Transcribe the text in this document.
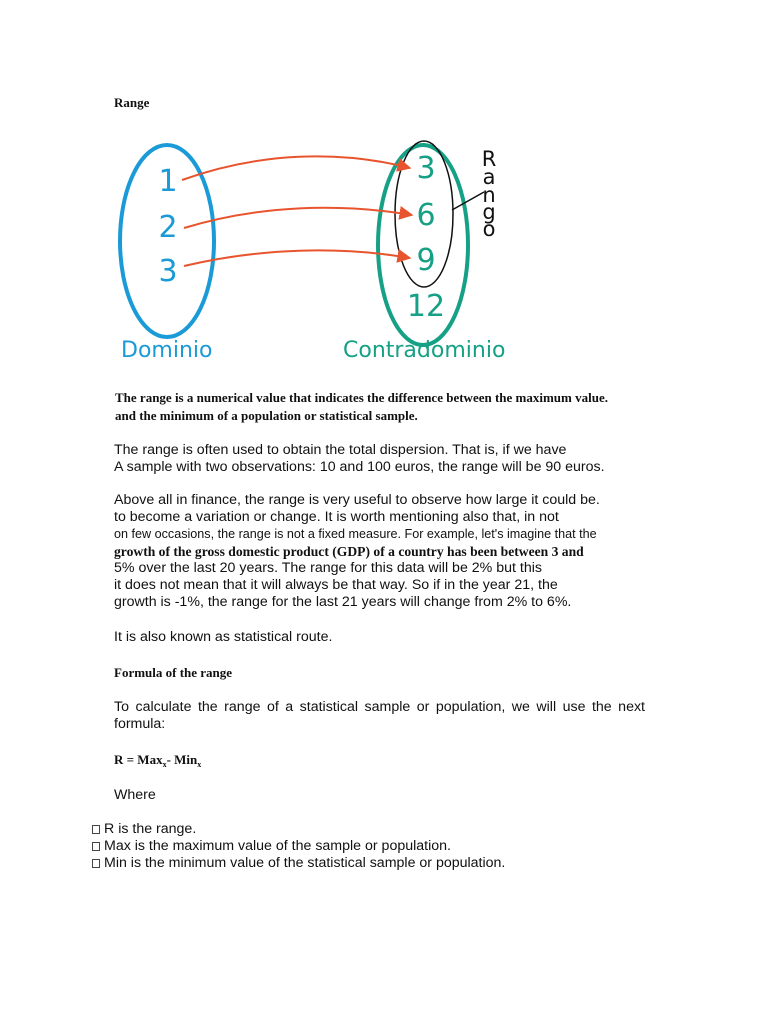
Range
1
2
3
3
6
9
12
R
a
n
g
o
Dominio	Contradominio
The range is a numerical value that indicates the difference between the maximum value.
and the minimum of a population or statistical sample.
The range is often used to obtain the total dispersion. That is, if we have
A sample with two observations: 10 and 100 euros, the range will be 90 euros.
Above all in finance, the range is very useful to observe how large it could be.
to become a variation or change. It is worth mentioning also that, in not
on few occasions, the range is not a fixed measure. For example, let's imagine that the
growth of the gross domestic product (GDP) of a country has been between 3 and
5% over the last 20 years. The range for this data will be 2% but this
it does not mean that it will always be that way. So if in the year 21, the
growth is -1%, the range for the last 21 years will change from 2% to 6%.
It is also known as statistical route.
Formula of the range
To calculate the range of a statistical sample or population, we will use the next formula:
R = Max$_x$- Min$_x$
Where
R is the range.
Max is the maximum value of the sample or population.
Min is the minimum value of the statistical sample or population.
